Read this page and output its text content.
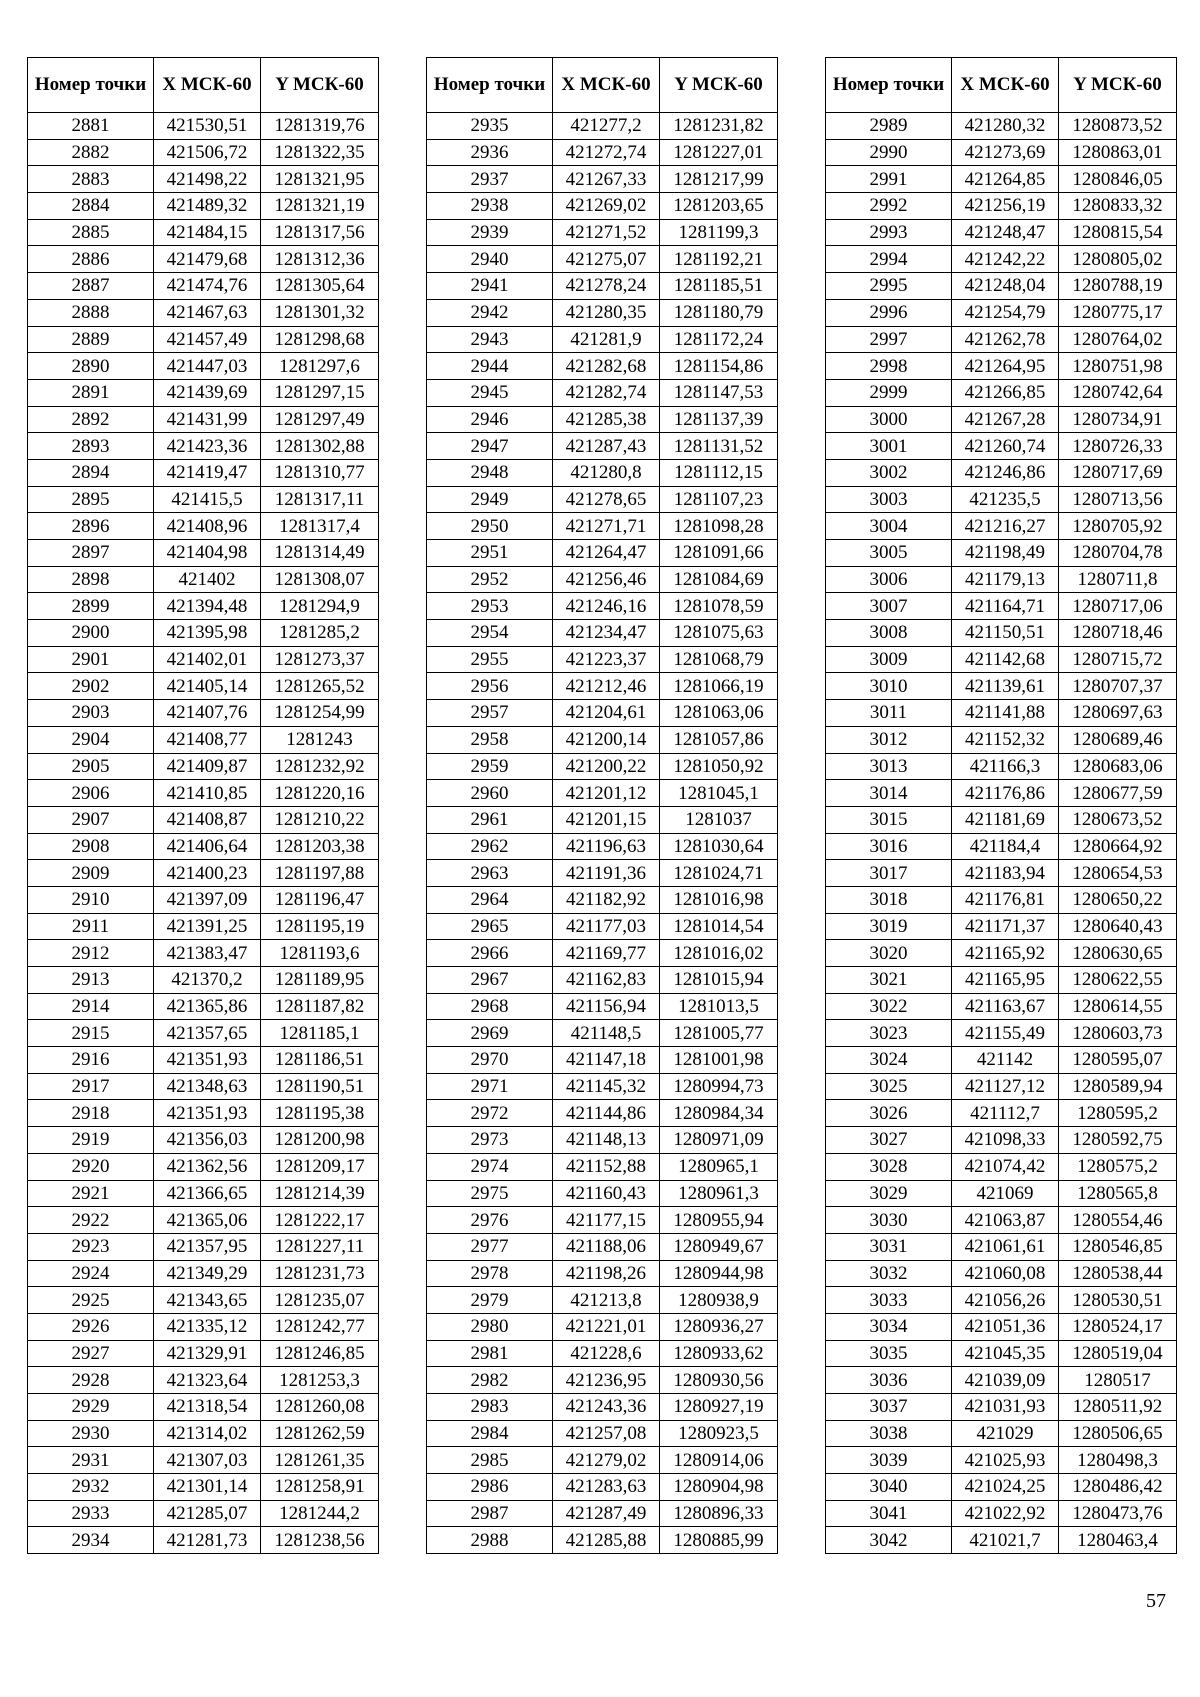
Номер точки	X МСК-60	Y МСК-60
2881	421530,51	1281319,76
2882	421506,72	1281322,35
2883	421498,22	1281321,95
2884	421489,32	1281321,19
2885	421484,15	1281317,56
2886	421479,68	1281312,36
2887	421474,76	1281305,64
2888	421467,63	1281301,32
2889	421457,49	1281298,68
2890	421447,03	1281297,6
2891	421439,69	1281297,15
2892	421431,99	1281297,49
2893	421423,36	1281302,88
2894	421419,47	1281310,77
2895	421415,5	1281317,11
2896	421408,96	1281317,4
2897	421404,98	1281314,49
2898	421402	1281308,07
2899	421394,48	1281294,9
2900	421395,98	1281285,2
2901	421402,01	1281273,37
2902	421405,14	1281265,52
2903	421407,76	1281254,99
2904	421408,77	1281243
2905	421409,87	1281232,92
2906	421410,85	1281220,16
2907	421408,87	1281210,22
2908	421406,64	1281203,38
2909	421400,23	1281197,88
2910	421397,09	1281196,47
2911	421391,25	1281195,19
2912	421383,47	1281193,6
2913	421370,2	1281189,95
2914	421365,86	1281187,82
2915	421357,65	1281185,1
2916	421351,93	1281186,51
2917	421348,63	1281190,51
2918	421351,93	1281195,38
2919	421356,03	1281200,98
2920	421362,56	1281209,17
2921	421366,65	1281214,39
2922	421365,06	1281222,17
2923	421357,95	1281227,11
2924	421349,29	1281231,73
2925	421343,65	1281235,07
2926	421335,12	1281242,77
2927	421329,91	1281246,85
2928	421323,64	1281253,3
2929	421318,54	1281260,08
2930	421314,02	1281262,59
2931	421307,03	1281261,35
2932	421301,14	1281258,91
2933	421285,07	1281244,2
2934	421281,73	1281238,56
Номер точки	X МСК-60	Y МСК-60
2935	421277,2	1281231,82
2936	421272,74	1281227,01
2937	421267,33	1281217,99
2938	421269,02	1281203,65
2939	421271,52	1281199,3
2940	421275,07	1281192,21
2941	421278,24	1281185,51
2942	421280,35	1281180,79
2943	421281,9	1281172,24
2944	421282,68	1281154,86
2945	421282,74	1281147,53
2946	421285,38	1281137,39
2947	421287,43	1281131,52
2948	421280,8	1281112,15
2949	421278,65	1281107,23
2950	421271,71	1281098,28
2951	421264,47	1281091,66
2952	421256,46	1281084,69
2953	421246,16	1281078,59
2954	421234,47	1281075,63
2955	421223,37	1281068,79
2956	421212,46	1281066,19
2957	421204,61	1281063,06
2958	421200,14	1281057,86
2959	421200,22	1281050,92
2960	421201,12	1281045,1
2961	421201,15	1281037
2962	421196,63	1281030,64
2963	421191,36	1281024,71
2964	421182,92	1281016,98
2965	421177,03	1281014,54
2966	421169,77	1281016,02
2967	421162,83	1281015,94
2968	421156,94	1281013,5
2969	421148,5	1281005,77
2970	421147,18	1281001,98
2971	421145,32	1280994,73
2972	421144,86	1280984,34
2973	421148,13	1280971,09
2974	421152,88	1280965,1
2975	421160,43	1280961,3
2976	421177,15	1280955,94
2977	421188,06	1280949,67
2978	421198,26	1280944,98
2979	421213,8	1280938,9
2980	421221,01	1280936,27
2981	421228,6	1280933,62
2982	421236,95	1280930,56
2983	421243,36	1280927,19
2984	421257,08	1280923,5
2985	421279,02	1280914,06
2986	421283,63	1280904,98
2987	421287,49	1280896,33
2988	421285,88	1280885,99
Номер точки	X МСК-60	Y МСК-60
2989	421280,32	1280873,52
2990	421273,69	1280863,01
2991	421264,85	1280846,05
2992	421256,19	1280833,32
2993	421248,47	1280815,54
2994	421242,22	1280805,02
2995	421248,04	1280788,19
2996	421254,79	1280775,17
2997	421262,78	1280764,02
2998	421264,95	1280751,98
2999	421266,85	1280742,64
3000	421267,28	1280734,91
3001	421260,74	1280726,33
3002	421246,86	1280717,69
3003	421235,5	1280713,56
3004	421216,27	1280705,92
3005	421198,49	1280704,78
3006	421179,13	1280711,8
3007	421164,71	1280717,06
3008	421150,51	1280718,46
3009	421142,68	1280715,72
3010	421139,61	1280707,37
3011	421141,88	1280697,63
3012	421152,32	1280689,46
3013	421166,3	1280683,06
3014	421176,86	1280677,59
3015	421181,69	1280673,52
3016	421184,4	1280664,92
3017	421183,94	1280654,53
3018	421176,81	1280650,22
3019	421171,37	1280640,43
3020	421165,92	1280630,65
3021	421165,95	1280622,55
3022	421163,67	1280614,55
3023	421155,49	1280603,73
3024	421142	1280595,07
3025	421127,12	1280589,94
3026	421112,7	1280595,2
3027	421098,33	1280592,75
3028	421074,42	1280575,2
3029	421069	1280565,8
3030	421063,87	1280554,46
3031	421061,61	1280546,85
3032	421060,08	1280538,44
3033	421056,26	1280530,51
3034	421051,36	1280524,17
3035	421045,35	1280519,04
3036	421039,09	1280517
3037	421031,93	1280511,92
3038	421029	1280506,65
3039	421025,93	1280498,3
3040	421024,25	1280486,42
3041	421022,92	1280473,76
3042	421021,7	1280463,4
57
